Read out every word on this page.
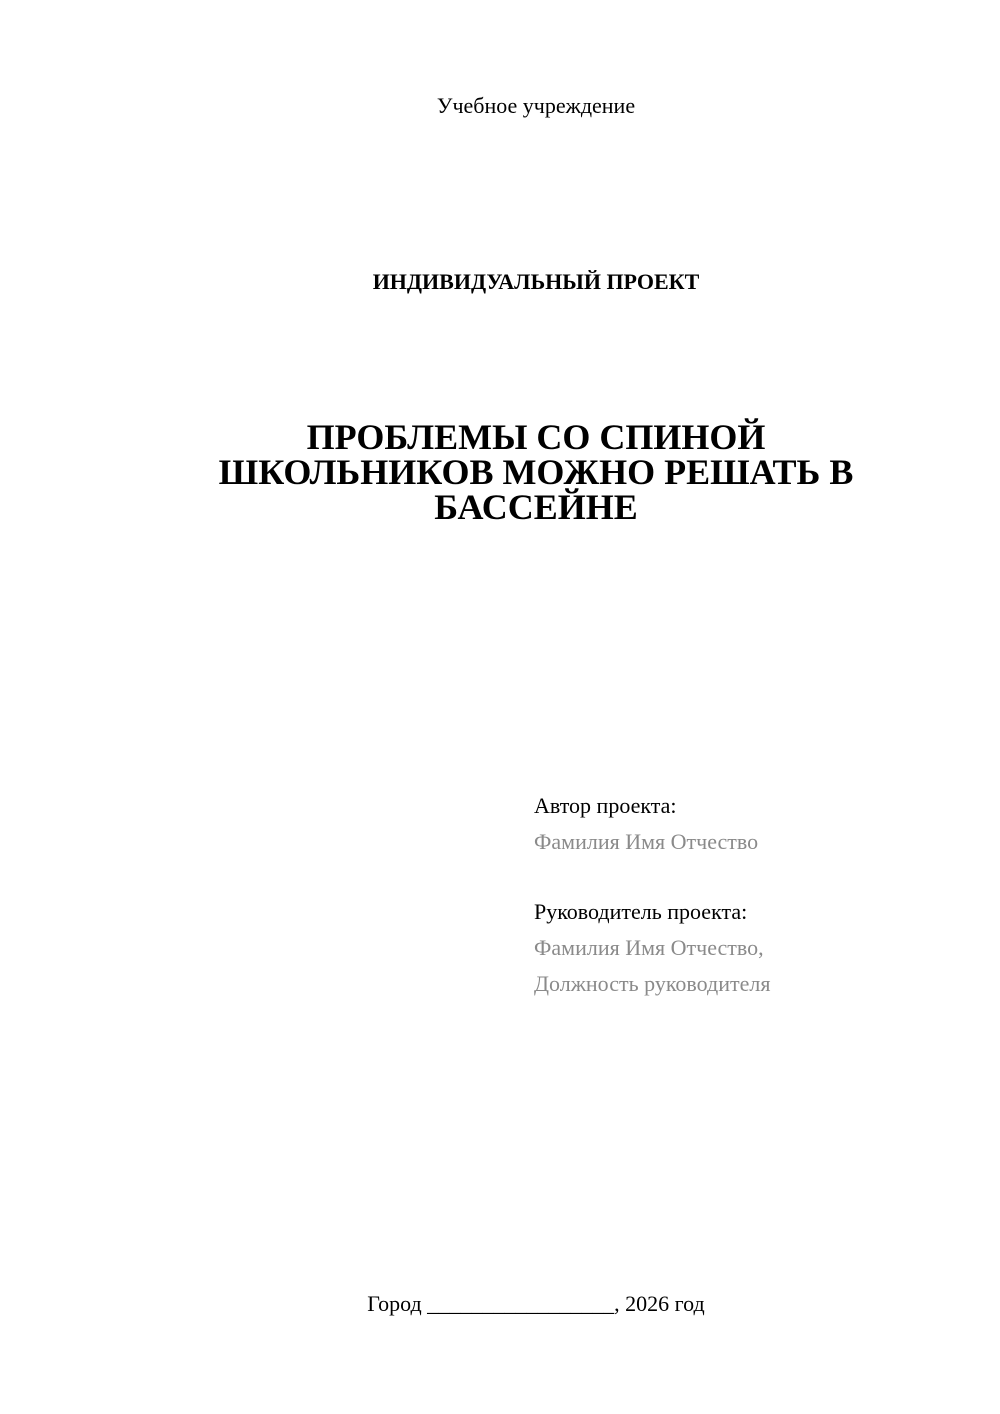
Учебное учреждение
ИНДИВИДУАЛЬНЫЙ ПРОЕКТ
ПРОБЛЕМЫ СО СПИНОЙ
ШКОЛЬНИКОВ МОЖНО РЕШАТЬ В
БАССЕЙНЕ
Автор проекта:
Фамилия Имя Отчество
Руководитель проекта:
Фамилия Имя Отчество,
Должность руководителя
Город _________________, 2026 год
